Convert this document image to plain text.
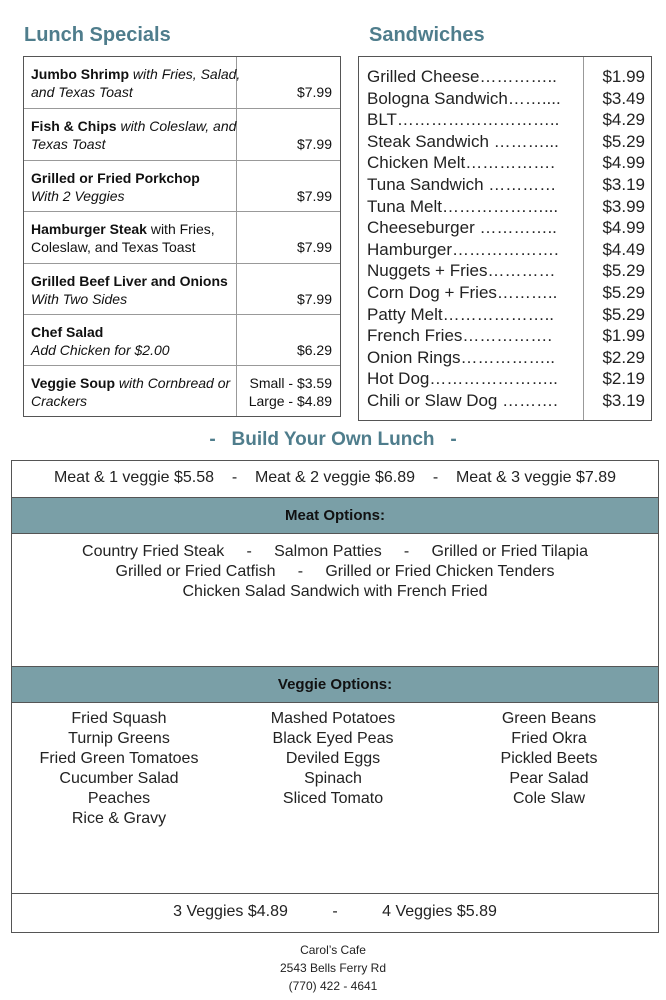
Lunch Specials	Sandwiches
Jumbo Shrimp with Fries, Salad, and Texas Toast	$7.99
Fish & Chips with Coleslaw, and Texas Toast	$7.99
Grilled or Fried Porkchop
With 2 Veggies	$7.99
Hamburger Steak with Fries, Coleslaw, and Texas Toast	$7.99
Grilled Beef Liver and Onions With Two Sides	$7.99
Chef Salad
Add Chicken for $2.00	$6.29
Veggie Soup with Cornbread or Crackers
Small - $3.59
Large - $4.89
Grilled Cheese…………..	$1.99
Bologna Sandwich…….... $3.49
BLT………………………..	$4.29
Steak Sandwich ………...	$5.29
Chicken Melt…………….	$4.99
Tuna Sandwich …………	$3.19
Tuna Melt………………...	$3.99
Cheeseburger …………..	$4.99
Hamburger……………….	$4.49
Nuggets + Fries…………	$5.29
Corn Dog + Fries………..	$5.29
Patty Melt………………..	$5.29
French Fries…………….	$1.99
Onion Rings……………..	$2.29
Hot Dog…………………..	$2.19
Chili or Slaw Dog ……….	$3.19
-   Build Your Own Lunch   -
Meat & 1 veggie $5.58    -    Meat & 2 veggie $6.89    -    Meat & 3 veggie $7.89
Meat Options:
Country Fried Steak     -     Salmon Patties     -     Grilled or Fried Tilapia
Grilled or Fried Catfish     -     Grilled or Fried Chicken Tenders
Chicken Salad Sandwich with French Fried
Veggie Options:
Fried Squash
Turnip Greens
Fried Green Tomatoes
Cucumber Salad
Peaches
Rice & Gravy
Mashed Potatoes
Black Eyed Peas
Deviled Eggs
Spinach
Sliced Tomato
Green Beans
Fried Okra
Pickled Beets
Pear Salad
Cole Slaw
3 Veggies $4.89          -          4 Veggies $5.89
Carol’s Cafe
2543 Bells Ferry Rd
(770) 422 - 4641
